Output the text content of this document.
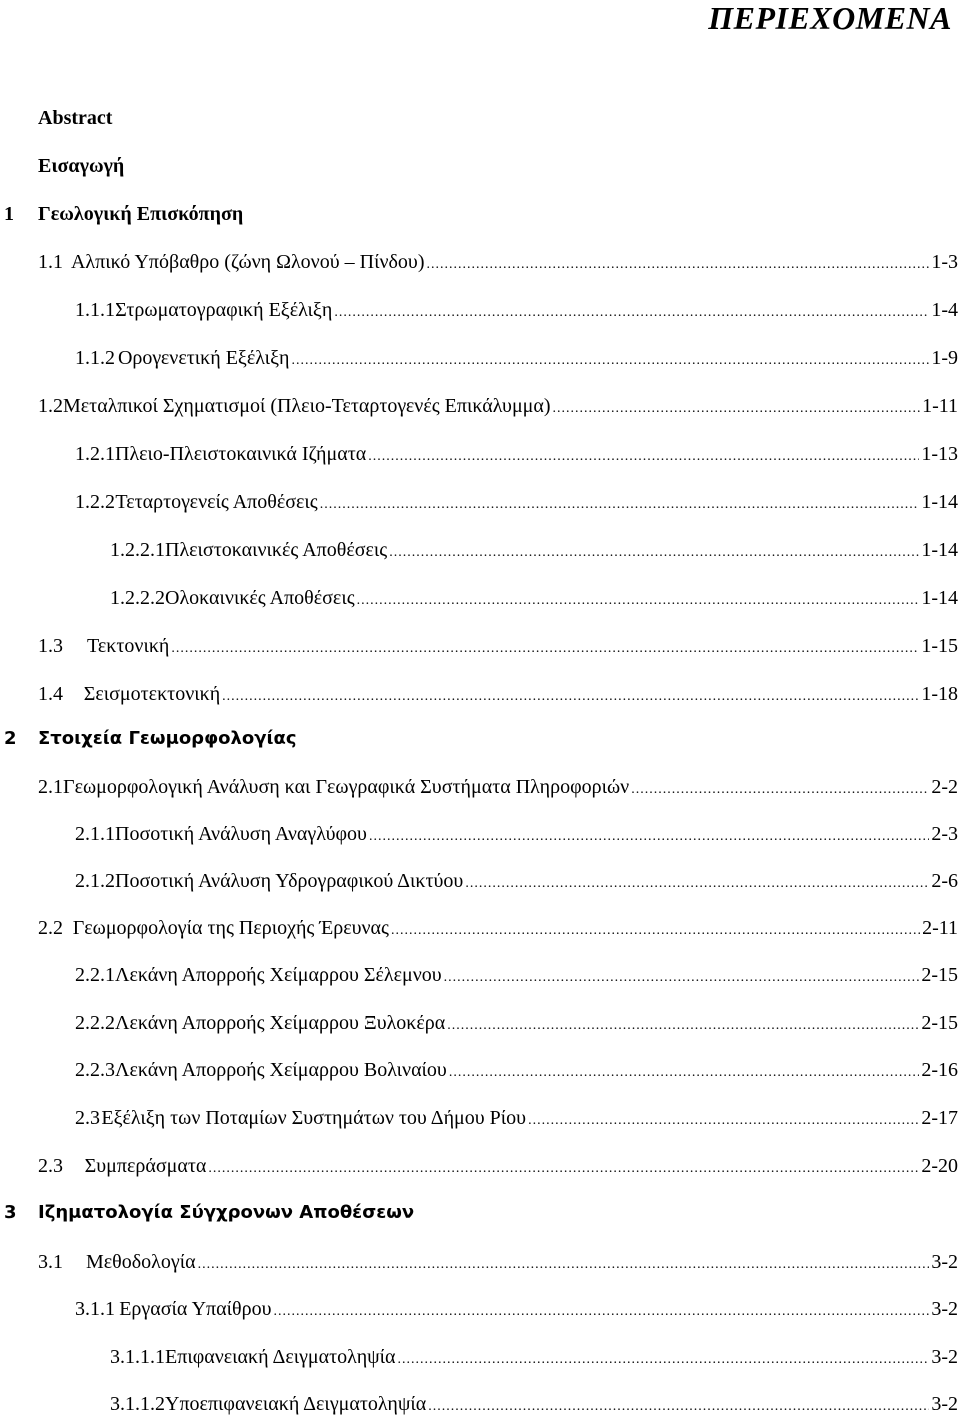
ΠΕΡΙΕΧΟΜΕΝΑ
Abstract
Εισαγωγή
1	Γεωλογική Επισκόπηση
1.1 Αλπικό Υπόβαθρο (ζώνη Ωλονού – Πίνδου) .....	1-3
1.1.1 Στρωματογραφική Εξέλιξη .....	1-4
1.1.2 Ορογενετική Εξέλιξη .....	1-9
1.2 Μεταλπικοί Σχηματισμοί (Πλειο-Τεταρτογενές Επικάλυμμα) .....	1-11
1.2.1 Πλειο-Πλειστοκαινικά Ιζήματα .....	1-13
1.2.2 Τεταρτογενείς Αποθέσεις .....	1-14
1.2.2.1 Πλειστοκαινικές Αποθέσεις .....	1-14
1.2.2.2 Ολοκαινικές Αποθέσεις .....	1-14
1.3	Τεκτονική .....	1-15
1.4	Σεισμοτεκτονική .....	1-18
2	Στοιχεία Γεωμορφολογίας
2.1 Γεωμορφολογική Ανάλυση και Γεωγραφικά Συστήματα Πληροφοριών .....	2-2
2.1.1 Ποσοτική Ανάλυση Αναγλύφου .....	2-3
2.1.2 Ποσοτική Ανάλυση Υδρογραφικού Δικτύου .....	2-6
2.2 Γεωμορφολογία της Περιοχής Έρευνας .....	2-11
2.2.1 Λεκάνη Απορροής Χείμαρρου Σέλεμνου .....	2-15
2.2.2 Λεκάνη Απορροής Χείμαρρου Ξυλοκέρα .....	2-15
2.2.3 Λεκάνη Απορροής Χείμαρρου Βολιναίου .....	2-16
2.3 Εξέλιξη των Ποταμίων Συστημάτων του Δήμου Ρίου .....	2-17
2.3	Συμπεράσματα .....	2-20
3	Ιζηματολογία Σύγχρονων Αποθέσεων
3.1	Μεθοδολογία .....	3-2
3.1.1 Εργασία Υπαίθρου .....	3-2
3.1.1.1 Επιφανειακή Δειγματοληψία .....	3-2
3.1.1.2 Υποεπιφανειακή Δειγματοληψία .....	3-2
